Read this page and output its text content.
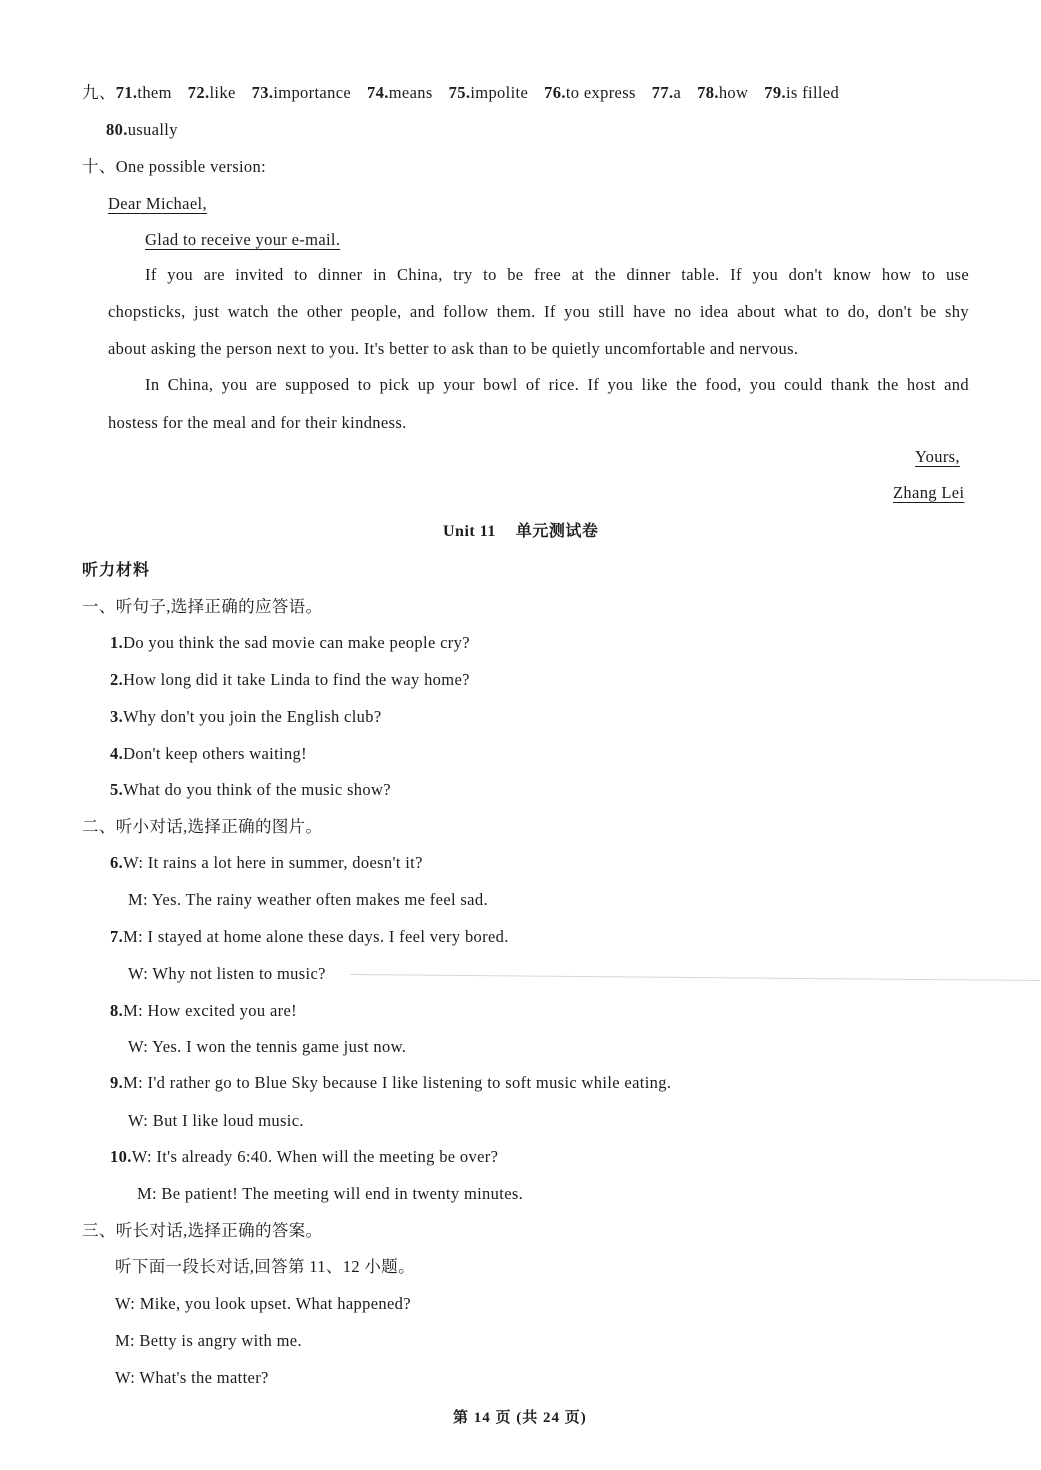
九、71.them 72.like 73.importance 74.means 75.impolite 76.to express 77.a 78.how 79.is filled
80.usually
十、One possible version:
Dear Michael,
Glad to receive your e-mail.
If you are invited to dinner in China, try to be free at the dinner table. If you don't know how to use
chopsticks, just watch the other people, and follow them. If you still have no idea about what to do, don't be shy
about asking the person next to you. It's better to ask than to be quietly uncomfortable and nervous.
In China, you are supposed to pick up your bowl of rice. If you like the food, you could thank the host and
hostess for the meal and for their kindness.
Yours,
Zhang Lei
Unit 11 单元测试卷
听力材料
一、听句子,选择正确的应答语。
1.Do you think the sad movie can make people cry?
2.How long did it take Linda to find the way home?
3.Why don't you join the English club?
4.Don't keep others waiting!
5.What do you think of the music show?
二、听小对话,选择正确的图片。
6.W: It rains a lot here in summer, doesn't it?
M: Yes. The rainy weather often makes me feel sad.
7.M: I stayed at home alone these days. I feel very bored.
W: Why not listen to music?
8.M: How excited you are!
W: Yes. I won the tennis game just now.
9.M: I'd rather go to Blue Sky because I like listening to soft music while eating.
W: But I like loud music.
10.W: It's already 6:40. When will the meeting be over?
M: Be patient! The meeting will end in twenty minutes.
三、听长对话,选择正确的答案。
听下面一段长对话,回答第 11、12 小题。
W: Mike, you look upset. What happened?
M: Betty is angry with me.
W: What's the matter?
第 14 页 (共 24 页)
